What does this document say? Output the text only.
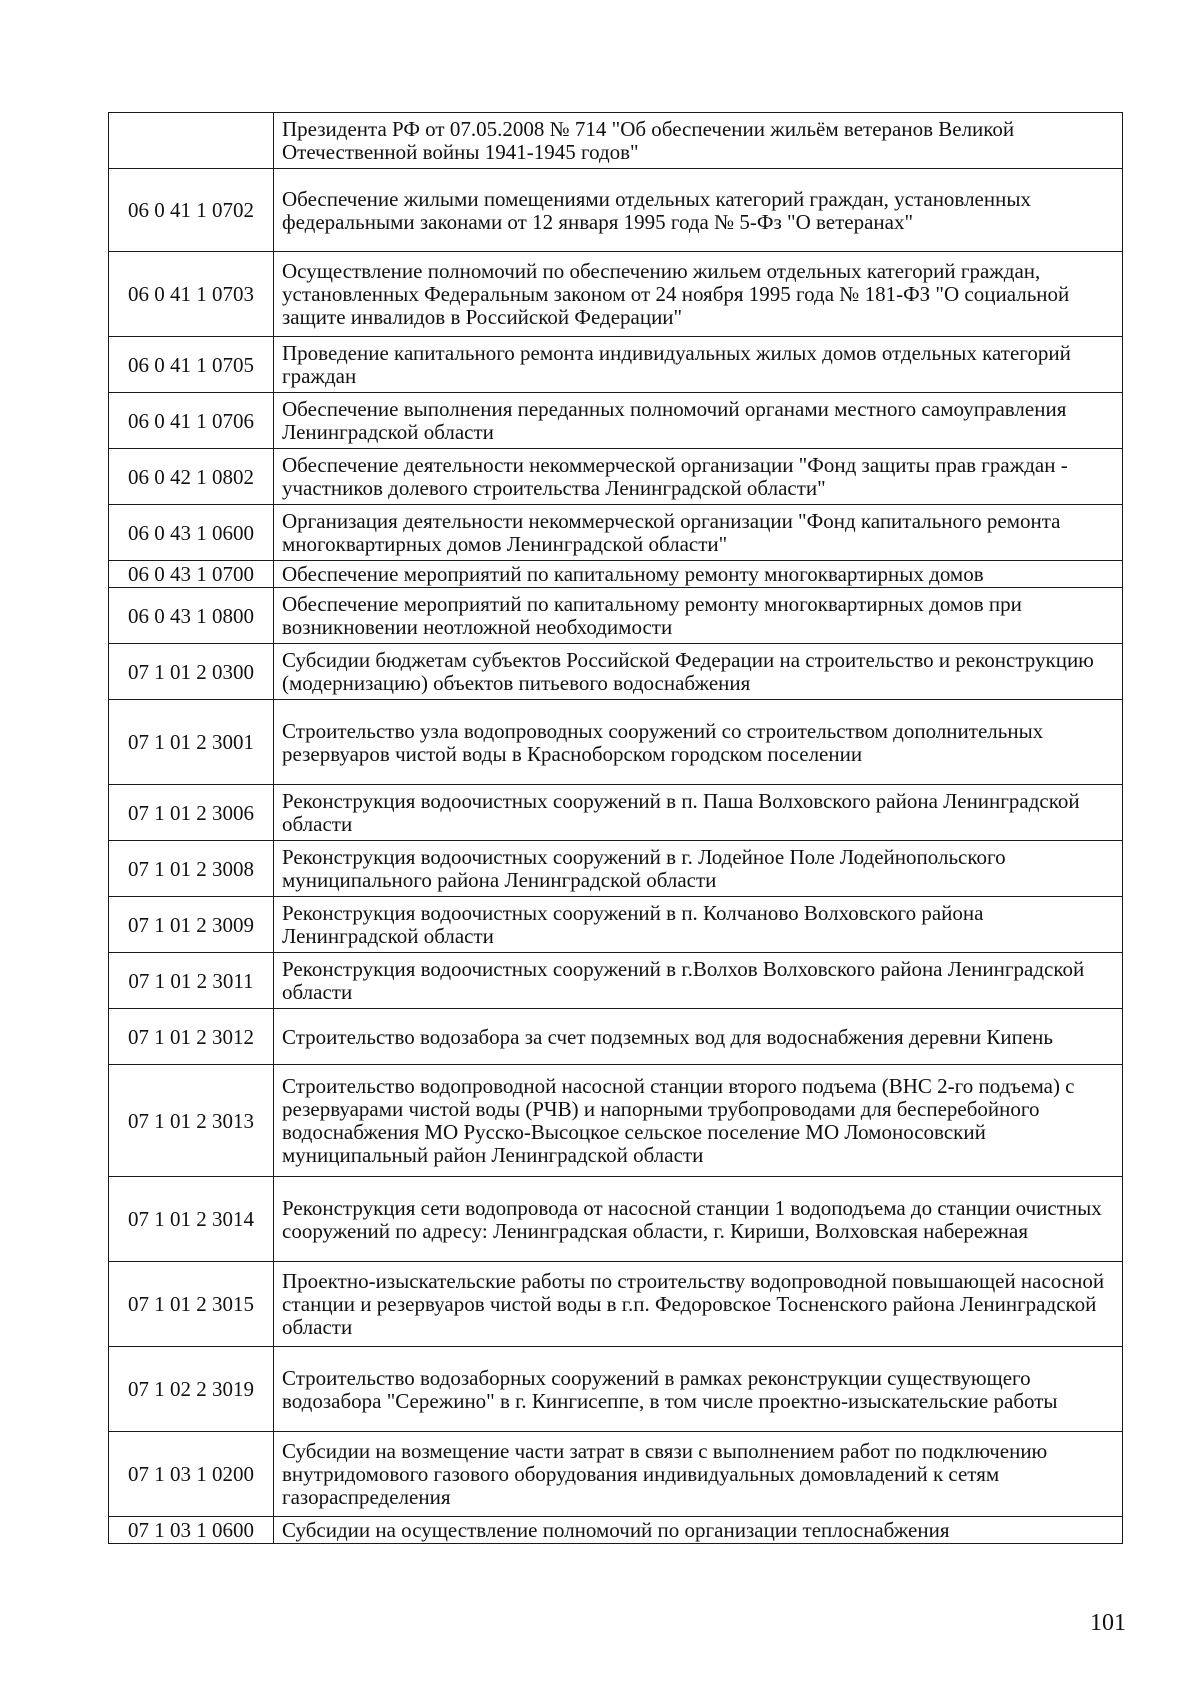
	Президента РФ от 07.05.2008 № 714 "Об обеспечении жильём ветеранов Великой Отечественной войны 1941-1945 годов"
06 0 41 1 0702	Обеспечение жилыми помещениями отдельных категорий граждан, установленных федеральными законами от 12 января 1995 года № 5-Фз "О ветеранах"
06 0 41 1 0703	Осуществление полномочий по обеспечению жильем отдельных категорий граждан, установленных Федеральным законом от 24 ноября 1995 года № 181-ФЗ "О социальной защите инвалидов в Российской Федерации"
06 0 41 1 0705	Проведение капитального ремонта индивидуальных жилых домов отдельных категорий граждан
06 0 41 1 0706	Обеспечение выполнения переданных полномочий органами местного самоуправления Ленинградской области
06 0 42 1 0802	Обеспечение деятельности некоммерческой организации "Фонд защиты прав граждан - участников долевого строительства Ленинградской области"
06 0 43 1 0600	Организация деятельности некоммерческой организации "Фонд капитального ремонта многоквартирных домов Ленинградской области"
06 0 43 1 0700	Обеспечение мероприятий по капитальному ремонту многоквартирных домов
06 0 43 1 0800	Обеспечение мероприятий по капитальному ремонту многоквартирных домов при возникновении неотложной необходимости
07 1 01 2 0300	Субсидии бюджетам субъектов Российской Федерации на строительство и реконструкцию (модернизацию) объектов питьевого водоснабжения
07 1 01 2 3001	Строительство узла водопроводных сооружений со строительством дополнительных резервуаров чистой воды в Красноборском городском поселении
07 1 01 2 3006	Реконструкция водоочистных сооружений в п. Паша Волховского района Ленинградской области
07 1 01 2 3008	Реконструкция водоочистных сооружений в г. Лодейное Поле Лодейнопольского муниципального района Ленинградской области
07 1 01 2 3009	Реконструкция водоочистных сооружений в п. Колчаново Волховского района Ленинградской области
07 1 01 2 3011	Реконструкция водоочистных сооружений в г.Волхов Волховского района Ленинградской области
07 1 01 2 3012	Строительство водозабора за счет подземных вод для водоснабжения деревни Кипень
07 1 01 2 3013	Строительство водопроводной насосной станции второго подъема (ВНС 2-го подъема) с резервуарами чистой воды (РЧВ) и напорными трубопроводами для бесперебойного водоснабжения МО Русско-Высоцкое сельское поселение МО Ломоносовский муниципальный район Ленинградской области
07 1 01 2 3014	Реконструкция сети водопровода от насосной станции 1 водоподъема до станции очистных сооружений по адресу: Ленинградская области, г. Кириши, Волховская набережная
07 1 01 2 3015	Проектно-изыскательские работы по строительству водопроводной повышающей насосной станции и резервуаров чистой воды в г.п. Федоровское Тосненского района Ленинградской области
07 1 02 2 3019	Строительство водозаборных сооружений в рамках реконструкции существующего водозабора "Сережино" в г. Кингисеппе, в том числе проектно-изыскательские работы
07 1 03 1 0200	Субсидии на возмещение части затрат в связи с выполнением работ по подключению внутридомового газового оборудования индивидуальных домовладений к сетям газораспределения
07 1 03 1 0600	Субсидии на осуществление полномочий по организации теплоснабжения
101
